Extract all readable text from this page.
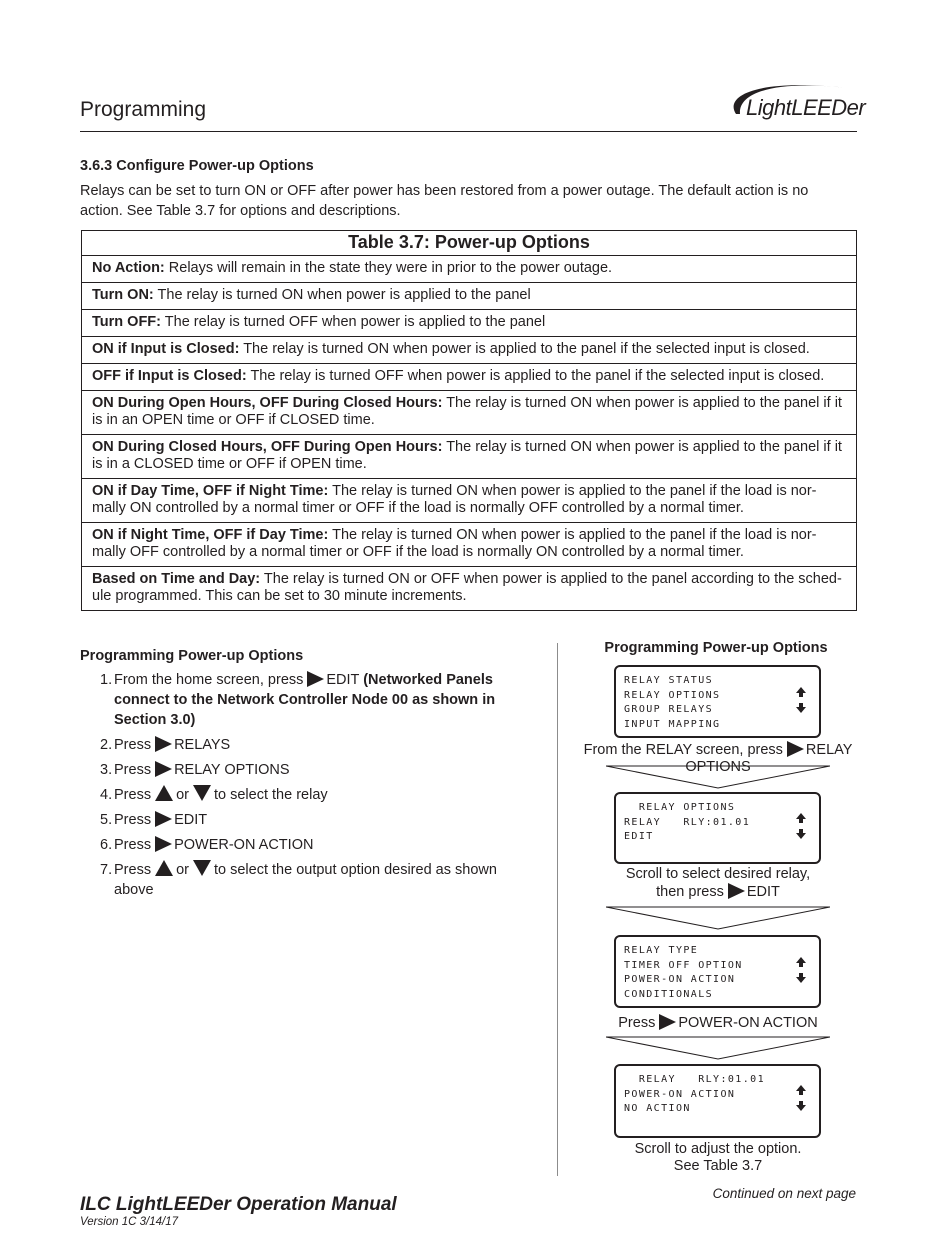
Programming	LightLEEDer
3.6.3 Configure Power-up Options
Relays can be set to turn ON or OFF after power has been restored from a power outage. The default action is no action. See Table 3.7 for options and descriptions.
Table 3.7: Power-up Options
No Action: Relays will remain in the state they were in prior to the power outage.
Turn ON: The relay is turned ON when power is applied to the panel
Turn OFF: The relay is turned OFF when power is applied to the panel
ON if Input is Closed: The relay is turned ON when power is applied to the panel if the selected input is closed.
OFF if Input is Closed: The relay is turned OFF when power is applied to the panel if the selected input is closed.
ON During Open Hours, OFF During Closed Hours: The relay is turned ON when power is applied to the panel if it is in an OPEN time or OFF if CLOSED time.
ON During Closed Hours, OFF During Open Hours: The relay is turned ON when power is applied to the panel if it is in a CLOSED time or OFF if OPEN time.
ON if Day Time, OFF if Night Time: The relay is turned ON when power is applied to the panel if the load is nor-mally ON controlled by a normal timer or OFF if the load is normally OFF controlled by a normal timer.
ON if Night Time, OFF if Day Time: The relay is turned ON when power is applied to the panel if the load is nor-mally OFF controlled by a normal timer or OFF if the load is normally ON controlled by a normal timer.
Based on Time and Day: The relay is turned ON or OFF when power is applied to the panel according to the sched-ule programmed. This can be set to 30 minute increments.
Programming Power-up Options
1. From the home screen, press EDIT (Networked Panels connect to the Network Controller Node 00 as shown in Section 3.0)
2. Press RELAYS
3. Press RELAY OPTIONS
4. Press or to select the relay
5. Press EDIT
6. Press POWER-ON ACTION
7. Press or to select the output option desired as shown above
Programming Power-up Options
RELAY STATUS
RELAY OPTIONS
GROUP RELAYS
INPUT MAPPING
From the RELAY screen, press RELAY OPTIONS
RELAY OPTIONS
RELAY   RLY:01.01
EDIT
Scroll to select desired relay,
then press EDIT
RELAY TYPE
TIMER OFF OPTION
POWER-ON ACTION
CONDITIONALS
Press POWER-ON ACTION
RELAY   RLY:01.01
POWER-ON ACTION
NO ACTION
Scroll to adjust the option.
See Table 3.7
Continued on next page
ILC LightLEEDer Operation Manual
Version 1C 3/14/17
